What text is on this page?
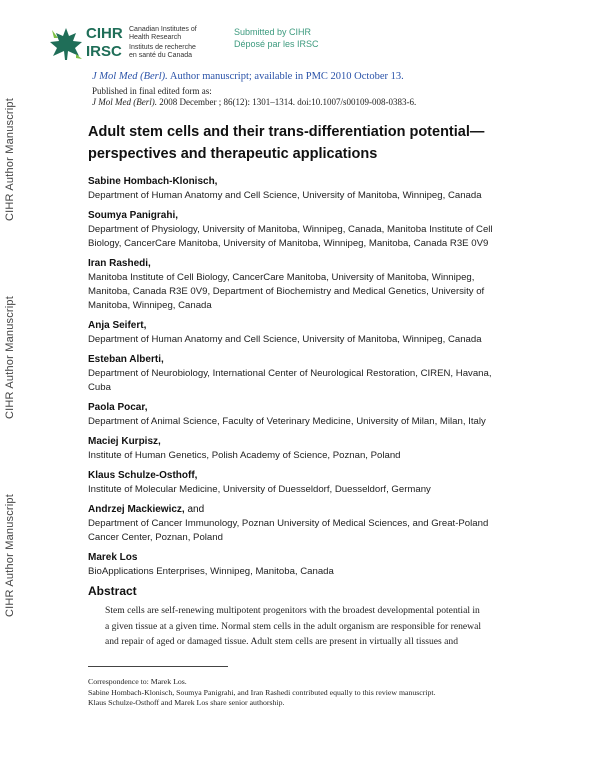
CIHR Author Manuscript
CIHR Author Manuscript
CIHR Author Manuscript
CIHR
IRSC
Canadian Institutes of
Health Research
Instituts de recherche
en santé du Canada
Submitted by CIHR
Déposé par les IRSC
J Mol Med (Berl). Author manuscript; available in PMC 2010 October 13.
Published in final edited form as:
J Mol Med (Berl). 2008 December ; 86(12): 1301–1314. doi:10.1007/s00109-008-0383-6.
Adult stem cells and their trans-differentiation potential—
perspectives and therapeutic applications
Sabine Hombach-Klonisch,
Department of Human Anatomy and Cell Science, University of Manitoba, Winnipeg, Canada
Soumya Panigrahi,
Department of Physiology, University of Manitoba, Winnipeg, Canada, Manitoba Institute of Cell
Biology, CancerCare Manitoba, University of Manitoba, Winnipeg, Manitoba, Canada R3E 0V9
Iran Rashedi,
Manitoba Institute of Cell Biology, CancerCare Manitoba, University of Manitoba, Winnipeg,
Manitoba, Canada R3E 0V9, Department of Biochemistry and Medical Genetics, University of
Manitoba, Winnipeg, Canada
Anja Seifert,
Department of Human Anatomy and Cell Science, University of Manitoba, Winnipeg, Canada
Esteban Alberti,
Department of Neurobiology, International Center of Neurological Restoration, CIREN, Havana,
Cuba
Paola Pocar,
Department of Animal Science, Faculty of Veterinary Medicine, University of Milan, Milan, Italy
Maciej Kurpisz,
Institute of Human Genetics, Polish Academy of Science, Poznan, Poland
Klaus Schulze-Osthoff,
Institute of Molecular Medicine, University of Duesseldorf, Duesseldorf, Germany
Andrzej Mackiewicz, and
Department of Cancer Immunology, Poznan University of Medical Sciences, and Great-Poland
Cancer Center, Poznan, Poland
Marek Los
BioApplications Enterprises, Winnipeg, Manitoba, Canada
Abstract
Stem cells are self-renewing multipotent progenitors with the broadest developmental potential in
a given tissue at a given time. Normal stem cells in the adult organism are responsible for renewal
and repair of aged or damaged tissue. Adult stem cells are present in virtually all tissues and
Correspondence to: Marek Los.
Sabine Hombach-Klonisch, Soumya Panigrahi, and Iran Rashedi contributed equally to this review manuscript.
Klaus Schulze-Osthoff and Marek Los share senior authorship.
